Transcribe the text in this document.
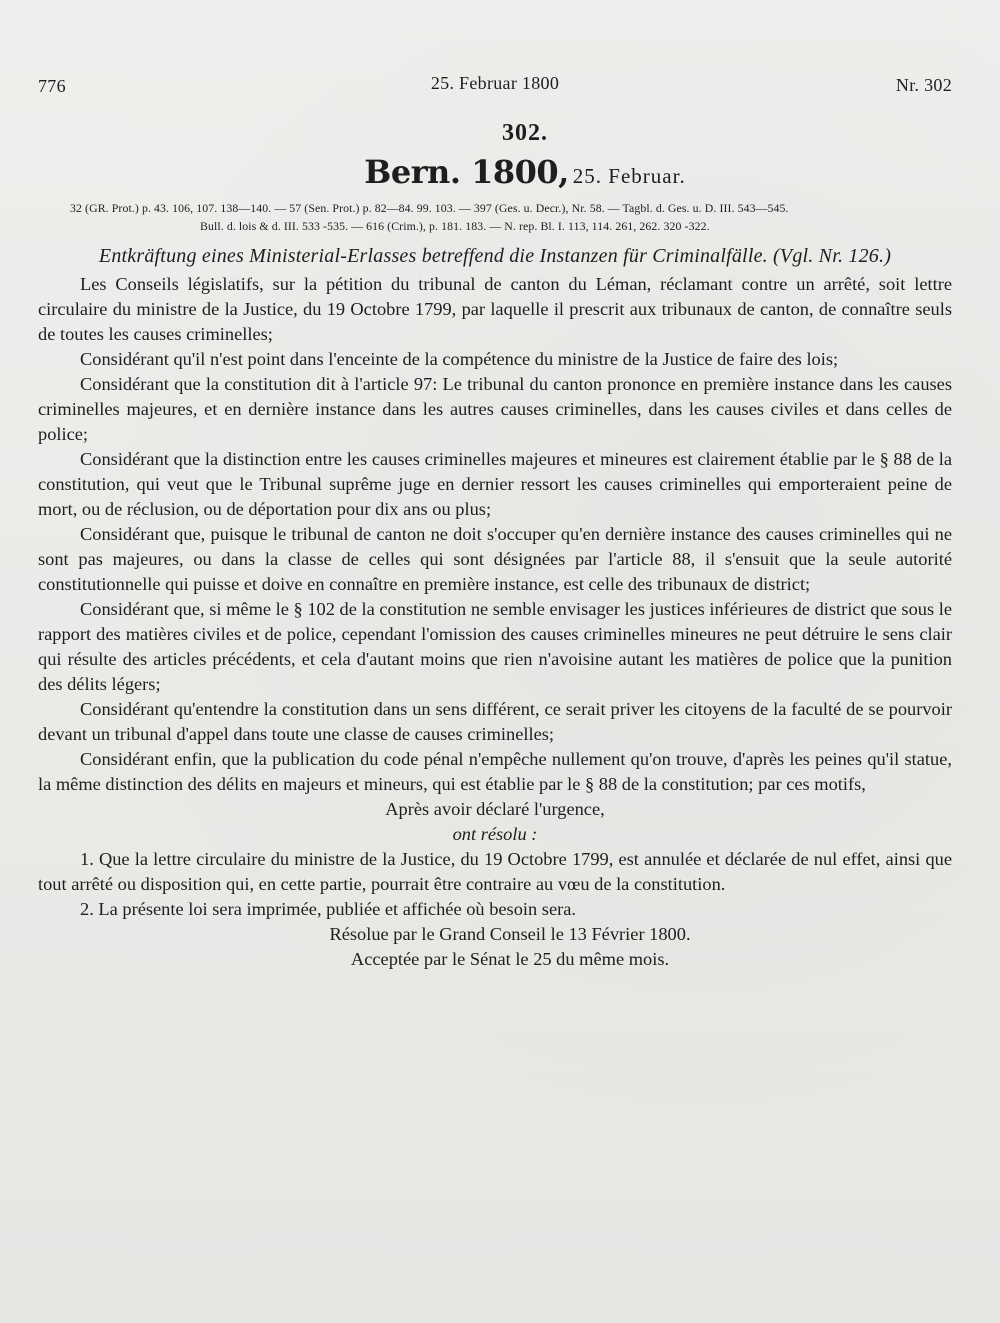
776	25. Februar 1800	Nr. 302
302.
Bern. 1800, 25. Februar.
32 (GR. Prot.) p. 43. 106, 107. 138—140. — 57 (Sen. Prot.) p. 82—84. 99. 103. — 397 (Ges. u. Decr.), Nr. 58. — Tagbl. d. Ges. u. D. III. 543—545.
Bull. d. lois & d. III. 533 -535. — 616 (Crim.), p. 181. 183. — N. rep. Bl. I. 113, 114. 261, 262. 320 -322.
Entkräftung eines Ministerial-Erlasses betreffend die Instanzen für Criminalfälle. (Vgl. Nr. 126.)

Les Conseils législatifs, sur la pétition du tribunal de canton du Léman, réclamant contre un arrêté, soit lettre circulaire du ministre de la Justice, du 19 Octobre 1799, par laquelle il prescrit aux tribunaux de canton, de connaître seuls de toutes les causes criminelles;

Considérant qu'il n'est point dans l'enceinte de la compétence du ministre de la Justice de faire des lois;

Considérant que la constitution dit à l'article 97: Le tribunal du canton prononce en première instance dans les causes criminelles majeures, et en dernière instance dans les autres causes criminelles, dans les causes civiles et dans celles de police;

Considérant que la distinction entre les causes criminelles majeures et mineures est clairement établie par le § 88 de la constitution, qui veut que le Tribunal suprême juge en dernier ressort les causes criminelles qui emporteraient peine de mort, ou de réclusion, ou de déportation pour dix ans ou plus;

Considérant que, puisque le tribunal de canton ne doit s'occuper qu'en dernière instance des causes criminelles qui ne sont pas majeures, ou dans la classe de celles qui sont désignées par l'article 88, il s'ensuit que la seule autorité constitutionnelle qui puisse et doive en connaître en première instance, est celle des tribunaux de district;

Considérant que, si même le § 102 de la constitution ne semble envisager les justices inférieures de district que sous le rapport des matières civiles et de police, cependant l'omission des causes criminelles mineures ne peut détruire le sens clair qui résulte des articles précédents, et cela d'autant moins que rien n'avoisine autant les matières de police que la punition des délits légers;

Considérant qu'entendre la constitution dans un sens différent, ce serait priver les citoyens de la faculté de se pourvoir devant un tribunal d'appel dans toute une classe de causes criminelles;

Considérant enfin, que la publication du code pénal n'empêche nullement qu'on trouve, d'après les peines qu'il statue, la même distinction des délits en majeurs et mineurs, qui est établie par le § 88 de la constitution; par ces motifs,

Après avoir déclaré l'urgence,
ont résolu :

1. Que la lettre circulaire du ministre de la Justice, du 19 Octobre 1799, est annulée et déclarée de nul effet, ainsi que tout arrêté ou disposition qui, en cette partie, pourrait être contraire au vœu de la constitution.

2. La présente loi sera imprimée, publiée et affichée où besoin sera.

Résolue par le Grand Conseil le 13 Février 1800.
Acceptée par le Sénat le 25 du même mois.
